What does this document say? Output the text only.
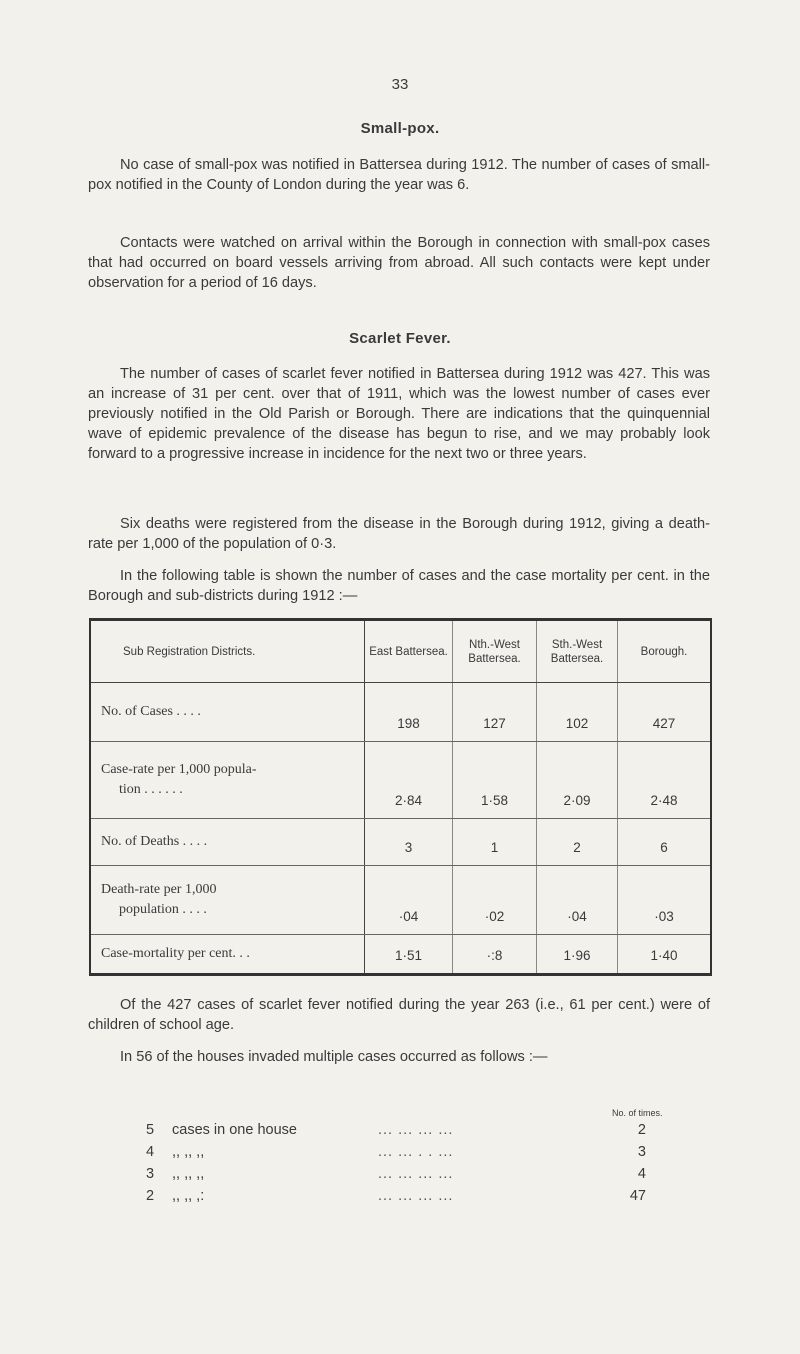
33
Small-pox.

No case of small-pox was notified in Battersea during 1912. The number of cases of small-pox notified in the County of London during the year was 6.

Contacts were watched on arrival within the Borough in connection with small-pox cases that had occurred on board vessels arriving from abroad. All such contacts were kept under observation for a period of 16 days.

Scarlet Fever.

The number of cases of scarlet fever notified in Battersea during 1912 was 427. This was an increase of 31 per cent. over that of 1911, which was the lowest number of cases ever previously notified in the Old Parish or Borough. There are indications that the quinquennial wave of epidemic prevalence of the disease has begun to rise, and we may probably look forward to a progressive increase in incidence for the next two or three years.

Six deaths were registered from the disease in the Borough during 1912, giving a death-rate per 1,000 of the population of 0·3.

In the following table is shown the number of cases and the case mortality per cent. in the Borough and sub-districts during 1912 :—

Sub Registration Districts.	East Battersea.	Nth.-West Battersea.	Sth.-West Battersea.	Borough.

No. of Cases . . . .	198	127	102	427

Case-rate per 1,000 popula-
tion . . . . . .	2·84	1·58	2·09	2·48

No. of Deaths . . . .	3	1	2	6

Death-rate per 1,000
population . . . .	·04	·02	·04	·03

Case-mortality per cent. . .	1·51	·:8	1·96	1·40

Of the 427 cases of scarlet fever notified during the year 263 (i.e., 61 per cent.) were of children of school age.

In 56 of the houses invaded multiple cases occurred as follows :—

No. of times.
5 cases in one house	... ... ... ...	2
4 ,, ,, ,,	... ... . . ...	3
3 ,, ,, ,,	... ... ... ...	4
2 ,, ,, ,:	... ... ... ...	47
